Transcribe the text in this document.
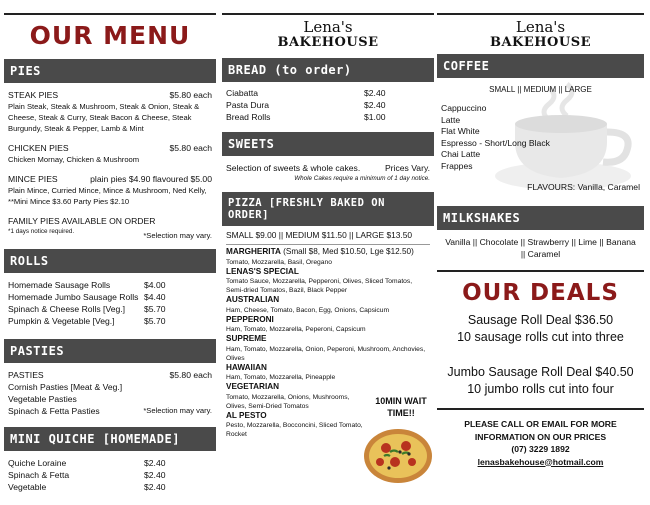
OUR MENU
PIES
STEAK PIES	$5.80 each
Plain Steak, Steak & Mushroom, Steak & Onion, Steak & Cheese, Steak & Curry, Steak Bacon & Cheese, Steak Burgundy, Steak & Pepper, Lamb & Mint
CHICKEN PIES	$5.80 each
Chicken Mornay, Chicken & Mushroom
MINCE PIES	plain pies $4.90 flavoured $5.00
Plain Mince, Curried Mince, Mince & Mushroom, Ned Kelly,
**Mini Mince $3.60 Party Pies $2.10
FAMILY PIES AVAILABLE ON ORDER
*1 days notice required.	*Selection may vary.
ROLLS
Homemade Sausage Rolls	$4.00
Homemade Jumbo Sausage Rolls $4.40
Spinach & Cheese Rolls [Veg.] $5.70
Pumpkin & Vegetable [Veg.]	$5.70
PASTIES
PASTIES	$5.80 each
Cornish Pasties [Meat & Veg.]
Vegetable Pasties
Spinach & Fetta Pasties	*Selection may vary.
MINI QUICHE [HOMEMADE]
Quiche Loraine	$2.40
Spinach & Fetta	$2.40
Vegetable	$2.40
Lena's
BAKEHOUSE
BREAD (to order)
Ciabatta	$2.40
Pasta Dura	$2.40
Bread Rolls	$1.00
SWEETS
Selection of sweets & whole cakes.	Prices Vary.
Whole Cakes require a minimum of 1 day notice.
PIZZA [FRESHLY BAKED ON ORDER]
SMALL $9.00 || MEDIUM $11.50 || LARGE $13.50
MARGHERITA (Small $8, Med $10.50, Lge $12.50)
Tomato, Mozzarella, Basil, Oregano
LENAS'S SPECIAL
Tomato Sauce, Mozzarella, Pepperoni, Olives, Sliced Tomatos, Semi-dried Tomatos, Bazil, Black Pepper
AUSTRALIAN
Ham, Cheese, Tomato, Bacon, Egg, Onions, Capsicum
PEPPERONI
Ham, Tomato, Mozzarella, Peperoni, Capsicum
SUPREME
Ham, Tomato, Mozzarella, Onion, Peperoni, Mushroom, Anchovies, Olives
HAWAIIAN
Ham, Tomato, Mozzarella, Pineapple
VEGETARIAN
Tomato, Mozzarella, Onions, Mushrooms, Olives, Semi-Dried Tomatos
AL PESTO
Pesto, Mozzarella, Bocconcini, Sliced Tomato, Rocket
10MIN WAIT TIME!!
Lena's
BAKEHOUSE
COFFEE
SMALL || MEDIUM || LARGE
Cappuccino
Latte
Flat White
Espresso - Short/Long Black
Chai Latte
Frappes
FLAVOURS: Vanilla, Caramel
MILKSHAKES
Vanilla || Chocolate || Strawberry || Lime || Banana || Caramel
OUR DEALS
Sausage Roll Deal $36.50
10 sausage rolls cut into three
Jumbo Sausage Roll Deal $40.50
10 jumbo rolls cut into four
PLEASE CALL OR EMAIL FOR MORE
INFORMATION ON OUR PRICES
(07) 3229 1892
lenasbakehouse@hotmail.com
